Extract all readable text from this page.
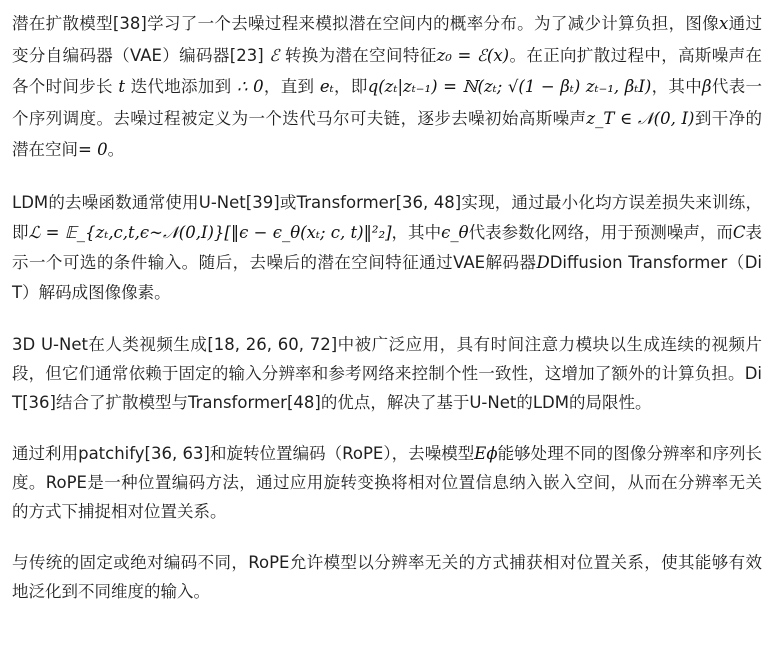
潜在扩散模型[38]学习了一个去噪过程来模拟潜在空间内的概率分布。为了减少计算负担，图像x通过变分自编码器（VAE）编码器[23] ℰ 转换为潜在空间特征z₀ = ℰ(x)。在正向扩散过程中，高斯噪声在各个时间步长 t 迭代地添加到 ∴ 0，直到 eₜ，即q(zₜ|zₜ₋₁) = ℕ(zₜ; √(1 − βₜ) zₜ₋₁, βₜI)，其中β代表一个序列调度。去噪过程被定义为一个迭代马尔可夫链，逐步去噪初始高斯噪声z_T ∈ 𝒩(0, I)到干净的潜在空间= 0。

LDM的去噪函数通常使用U-Net[39]或Transformer[36, 48]实现，通过最小化均方误差损失来训练，即ℒ = 𝔼_{zₜ,c,t,ϵ∼𝒩(0,I)}[‖ϵ − ϵ_θ(xₜ; c, t)‖²₂]，其中ϵ_θ代表参数化网络，用于预测噪声，而C表示一个可选的条件输入。随后，去噪后的潜在空间特征通过VAE解码器DDiffusion Transformer（DiT）解码成图像像素。

3D U-Net在人类视频生成[18, 26, 60, 72]中被广泛应用，具有时间注意力模块以生成连续的视频片段，但它们通常依赖于固定的输入分辨率和参考网络来控制个性一致性，这增加了额外的计算负担。DiT[36]结合了扩散模型与Transformer[48]的优点，解决了基于U-Net的LDM的局限性。

通过利用patchify[36, 63]和旋转位置编码（RoPE），去噪模型Eϕ能够处理不同的图像分辨率和序列长度。RoPE是一种位置编码方法，通过应用旋转变换将相对位置信息纳入嵌入空间，从而在分辨率无关的方式下捕捉相对位置关系。

与传统的固定或绝对编码不同，RoPE允许模型以分辨率无关的方式捕获相对位置关系，使其能够有效地泛化到不同维度的输入。
